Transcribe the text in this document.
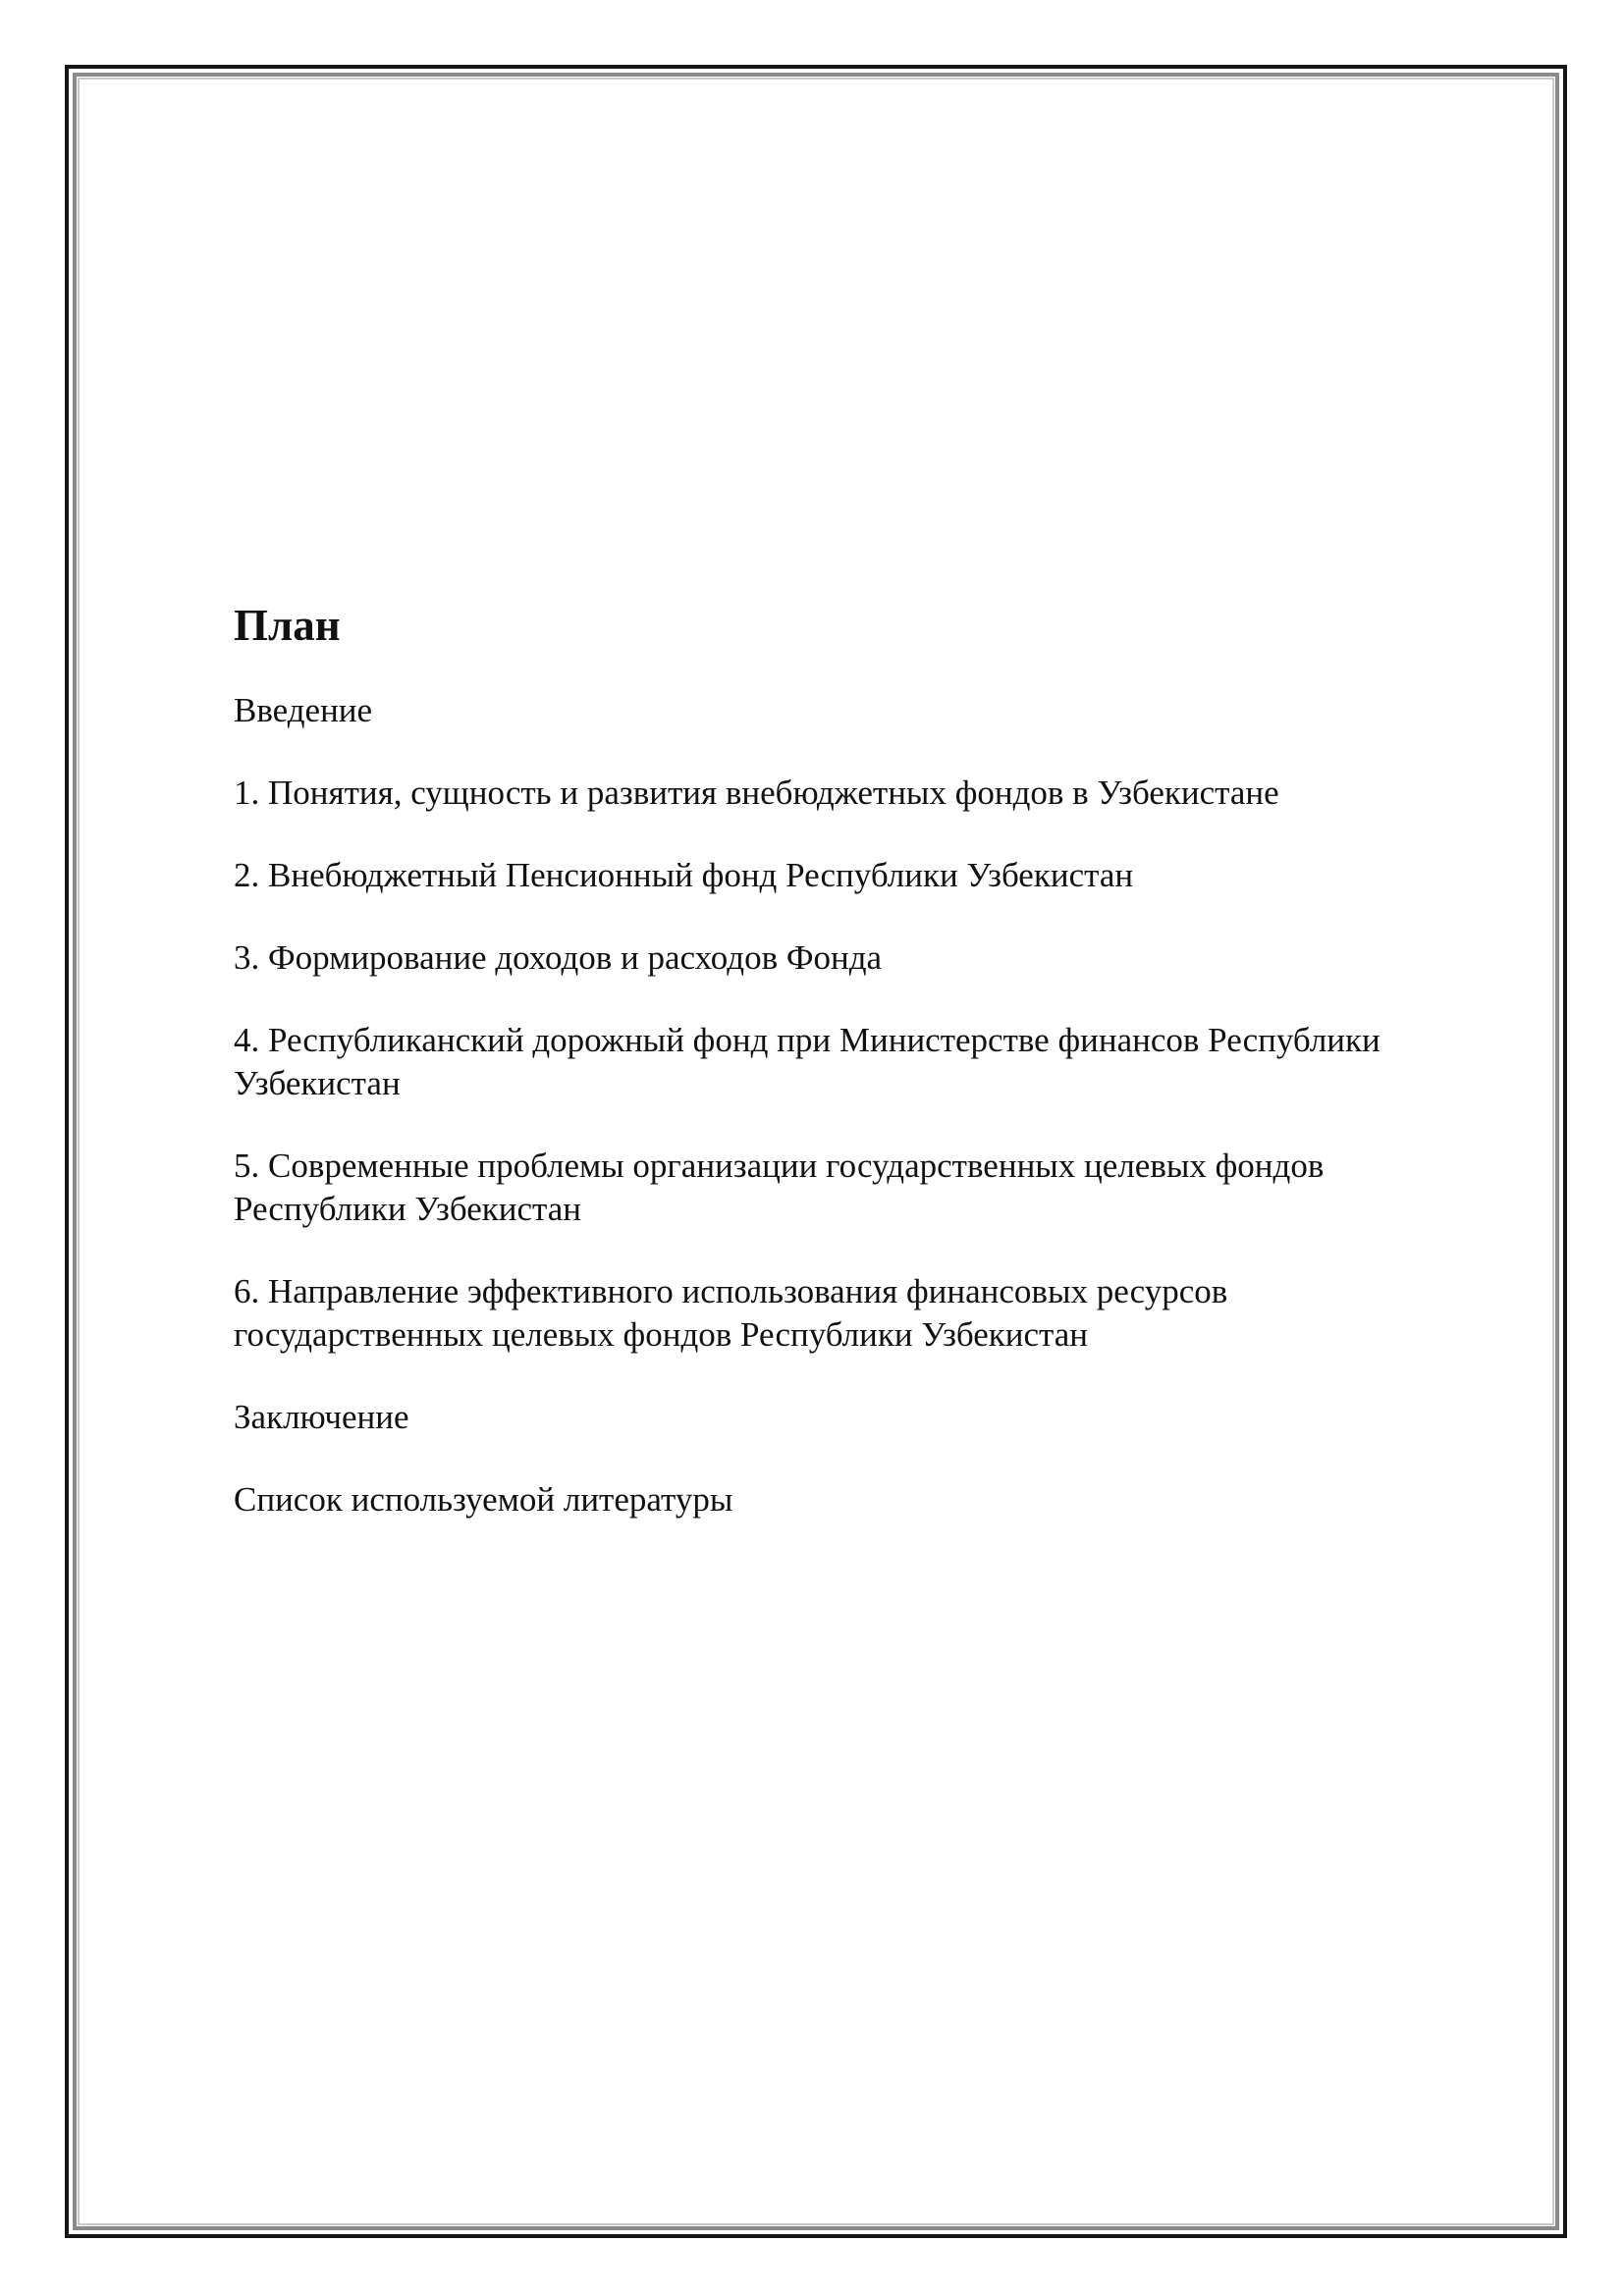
План
Введение
1. Понятия, сущность и развития внебюджетных фондов в Узбекистане
2. Внебюджетный Пенсионный фонд Республики Узбекистан
3. Формирование доходов и расходов Фонда
4. Республиканский дорожный фонд при Министерстве финансов Республики Узбекистан
5. Современные проблемы организации государственных целевых фондов Республики Узбекистан
6. Направление эффективного использования финансовых ресурсов государственных целевых фондов Республики Узбекистан
Заключение
Список используемой литературы
